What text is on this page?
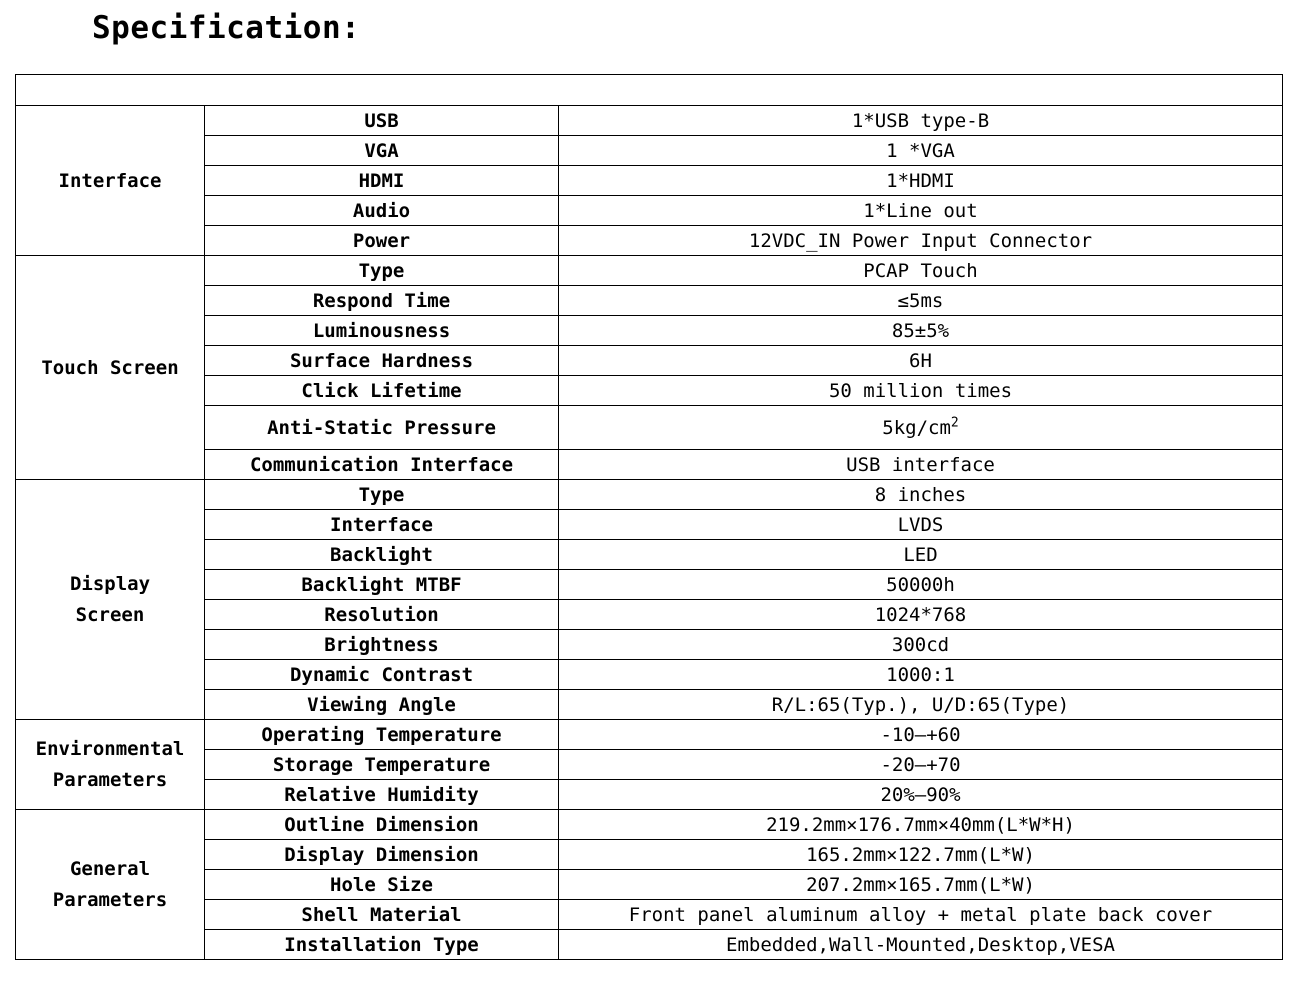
Specification:

Interface	USB	1*USB type-B
	VGA	1 *VGA
	HDMI	1*HDMI
	Audio	1*Line out
	Power	12VDC_IN Power Input Connector
Touch Screen	Type	PCAP Touch
	Respond Time	≤5ms
	Luminousness	85±5%
	Surface Hardness	6H
	Click Lifetime	50 million times
	Anti-Static Pressure	$5kg/cm^2$
	Communication Interface	USB interface

Display
Screen	Type	8 inches
	Interface	LVDS
	Backlight	LED
	Backlight MTBF	50000h
	Resolution	1024*768
	Brightness	300cd
	Dynamic Contrast	1000:1
	Viewing Angle	R/L:65(Typ.), U/D:65(Type)

Environmental
Parameters	Operating Temperature	-10—+60
	Storage Temperature	-20—+70
	Relative Humidity	20%—90%

General
Parameters	Outline Dimension	219.2mm×176.7mm×40mm(L*W*H)
	Display Dimension	165.2mm×122.7mm(L*W)
	Hole Size	207.2mm×165.7mm(L*W)
	Shell Material	Front panel aluminum alloy + metal plate back cover
	Installation Type	Embedded,Wall-Mounted,Desktop,VESA
